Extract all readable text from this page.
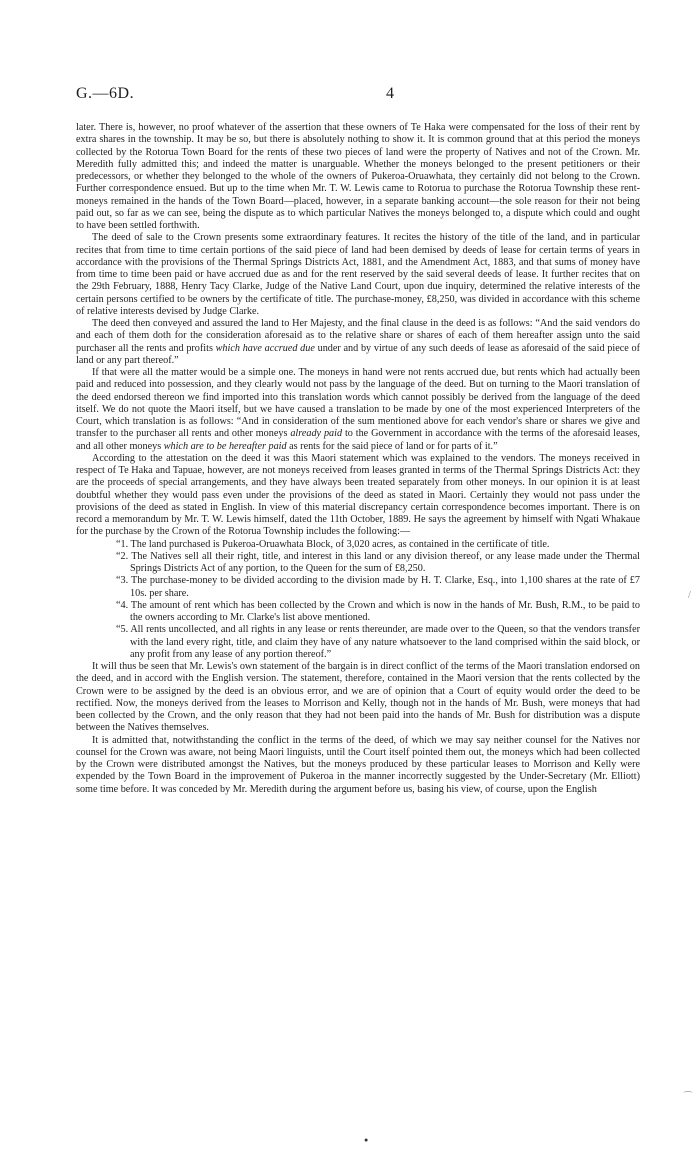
G.—6D.	4

later. There is, however, no proof whatever of the assertion that these owners of Te Haka were compensated for the loss of their rent by extra shares in the township. It may be so, but there is absolutely nothing to show it. It is common ground that at this period the moneys collected by the Rotorua Town Board for the rents of these two pieces of land were the property of Natives and not of the Crown. Mr. Meredith fully admitted this; and indeed the matter is unarguable. Whether the moneys belonged to the present petitioners or their predecessors, or whether they belonged to the whole of the owners of Pukeroa-Oruawhata, they certainly did not belong to the Crown. Further correspondence ensued. But up to the time when Mr. T. W. Lewis came to Rotorua to purchase the Rotorua Township these rent-moneys remained in the hands of the Town Board—placed, however, in a separate banking account—the sole reason for their not being paid out, so far as we can see, being the dispute as to which particular Natives the moneys belonged to, a dispute which could and ought to have been settled forthwith.

The deed of sale to the Crown presents some extraordinary features. It recites the history of the title of the land, and in particular recites that from time to time certain portions of the said piece of land had been demised by deeds of lease for certain terms of years in accordance with the provisions of the Thermal Springs Districts Act, 1881, and the Amendment Act, 1883, and that sums of money have from time to time been paid or have accrued due as and for the rent reserved by the said several deeds of lease. It further recites that on the 29th February, 1888, Henry Tacy Clarke, Judge of the Native Land Court, upon due inquiry, determined the relative interests of the certain persons certified to be owners by the certificate of title. The purchase-money, £8,250, was divided in accordance with this scheme of relative interests devised by Judge Clarke.

The deed then conveyed and assured the land to Her Majesty, and the final clause in the deed is as follows: “And the said vendors do and each of them doth for the consideration aforesaid as to the relative share or shares of each of them hereafter assign unto the said purchaser all the rents and profits which have accrued due under and by virtue of any such deeds of lease as aforesaid of the said piece of land or any part thereof.”

If that were all the matter would be a simple one. The moneys in hand were not rents accrued due, but rents which had actually been paid and reduced into possession, and they clearly would not pass by the language of the deed. But on turning to the Maori translation of the deed endorsed thereon we find imported into this translation words which cannot possibly be derived from the language of the deed itself. We do not quote the Maori itself, but we have caused a translation to be made by one of the most experienced Interpreters of the Court, which translation is as follows: “And in consideration of the sum mentioned above for each vendor's share or shares we give and transfer to the purchaser all rents and other moneys already paid to the Government in accordance with the terms of the aforesaid leases, and all other moneys which are to be hereafter paid as rents for the said piece of land or for parts of it.”

According to the attestation on the deed it was this Maori statement which was explained to the vendors. The moneys received in respect of Te Haka and Tapuae, however, are not moneys received from leases granted in terms of the Thermal Springs Districts Act: they are the proceeds of special arrangements, and they have always been treated separately from other moneys. In our opinion it is at least doubtful whether they would pass even under the provisions of the deed as stated in Maori. Certainly they would not pass under the provisions of the deed as stated in English. In view of this material discrepancy certain correspondence becomes important. There is on record a memorandum by Mr. T. W. Lewis himself, dated the 11th October, 1889. He says the agreement by himself with Ngati Whakaue for the purchase by the Crown of the Rotorua Township includes the following:—

“1. The land purchased is Pukeroa-Oruawhata Block, of 3,020 acres, as contained in the certificate of title.
“2. The Natives sell all their right, title, and interest in this land or any division thereof, or any lease made under the Thermal Springs Districts Act of any portion, to the Queen for the sum of £8,250.
“3. The purchase-money to be divided according to the division made by H. T. Clarke, Esq., into 1,100 shares at the rate of £7 10s. per share.
“4. The amount of rent which has been collected by the Crown and which is now in the hands of Mr. Bush, R.M., to be paid to the owners according to Mr. Clarke's list above mentioned.
“5. All rents uncollected, and all rights in any lease or rents thereunder, are made over to the Queen, so that the vendors transfer with the land every right, title, and claim they have of any nature whatsoever to the land comprised within the said block, or any profit from any lease of any portion thereof.”

It will thus be seen that Mr. Lewis's own statement of the bargain is in direct conflict of the terms of the Maori translation endorsed on the deed, and in accord with the English version. The statement, therefore, contained in the Maori version that the rents collected by the Crown were to be assigned by the deed is an obvious error, and we are of opinion that a Court of equity would order the deed to be rectified. Now, the moneys derived from the leases to Morrison and Kelly, though not in the hands of Mr. Bush, were moneys that had been collected by the Crown, and the only reason that they had not been paid into the hands of Mr. Bush for distribution was a dispute between the Natives themselves.

It is admitted that, notwithstanding the conflict in the terms of the deed, of which we may say neither counsel for the Natives nor counsel for the Crown was aware, not being Maori linguists, until the Court itself pointed them out, the moneys which had been collected by the Crown were distributed amongst the Natives, but the moneys produced by these particular leases to Morrison and Kelly were expended by the Town Board in the improvement of Pukeroa in the manner incorrectly suggested by the Under-Secretary (Mr. Elliott) some time before. It was conceded by Mr. Meredith during the argument before us, basing his view, of course, upon the English

/
⌒
●
